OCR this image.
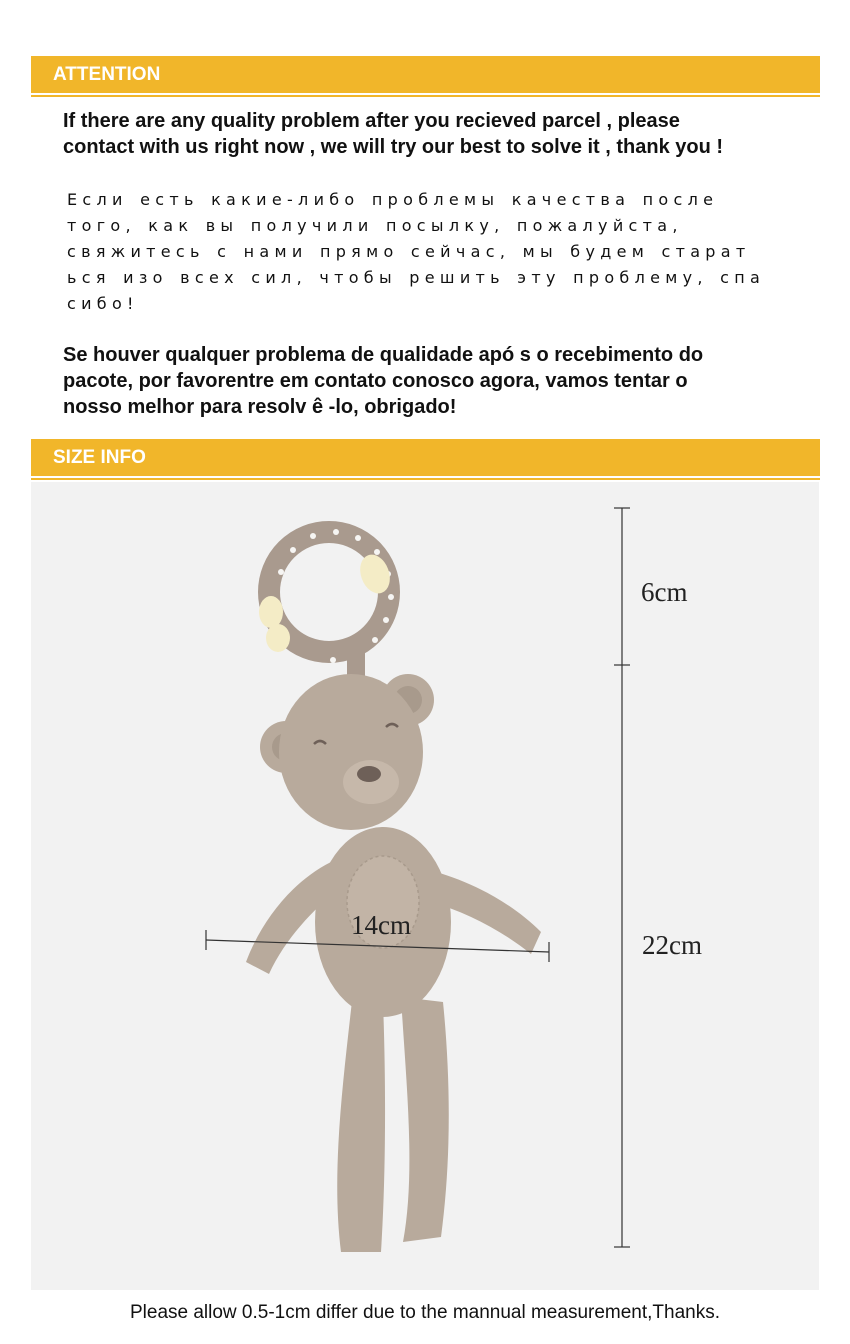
ATTENTION
If there are any quality problem after you recieved parcel , please
contact with us right now , we will try our best to solve it , thank you !
Если есть какие-либо проблемы качества после
того, как вы получили посылку, пожалуйста,
свяжитесь с нами прямо сейчас, мы будем старат
ься изо всех сил, чтобы решить эту проблему, спа
сибо!
Se houver qualquer problema de qualidade apó s o recebimento do
pacote, por favorentre em contato conosco agora, vamos tentar o
nosso melhor para resolv ê -lo, obrigado!
SIZE INFO
6cm
22cm
14cm
Please allow 0.5-1cm differ due to the mannual measurement,Thanks.
